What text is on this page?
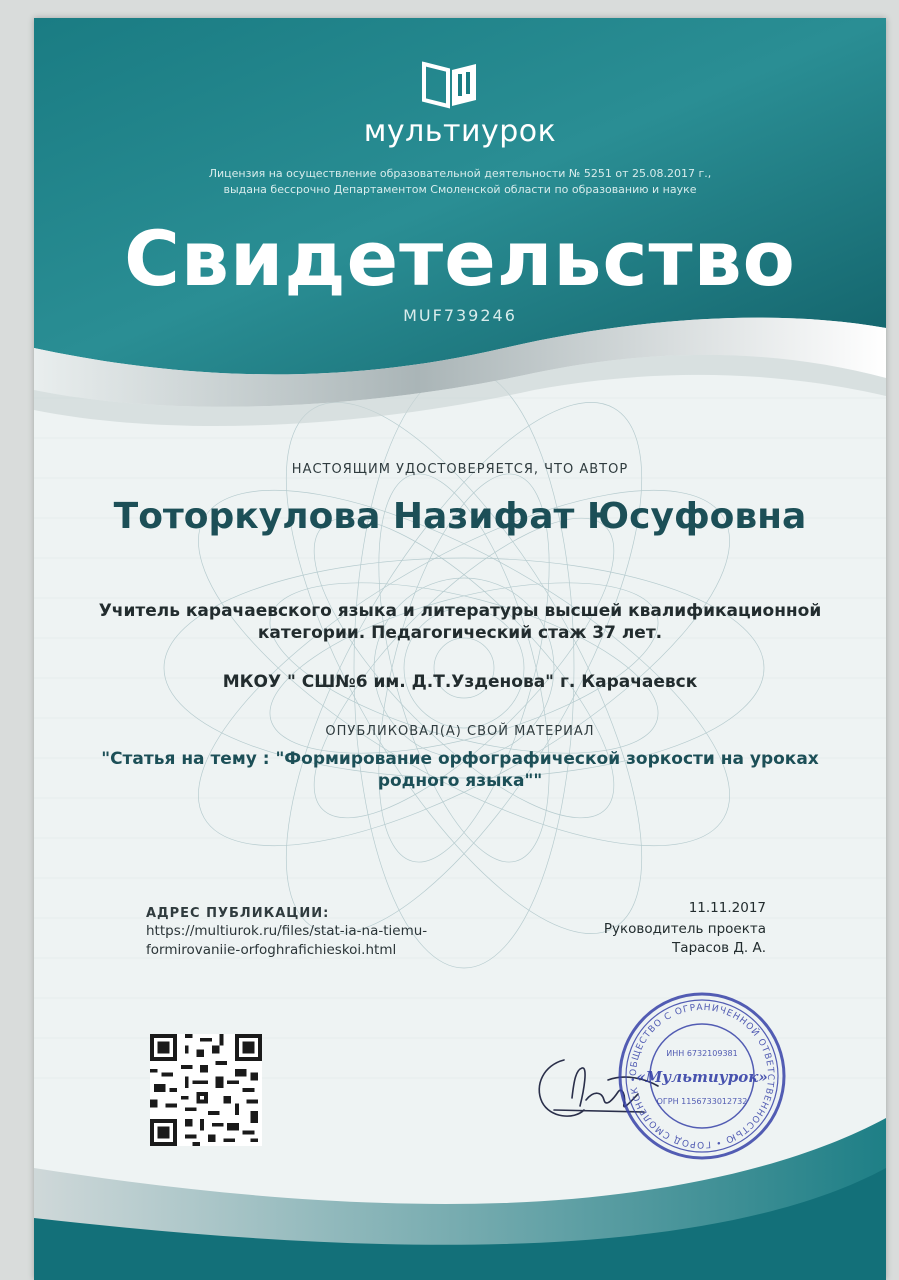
мультиурок
Лицензия на осуществление образовательной деятельности № 5251 от 25.08.2017 г.,
выдана бессрочно Департаментом Смоленской области по образованию и науке
Свидетельство
MUF739246
НАСТОЯЩИМ УДОСТОВЕРЯЕТСЯ, ЧТО АВТОР
Тоторкулова Назифат Юсуфовна
Учитель карачаевского языка и литературы высшей квалификационной
категории. Педагогический стаж 37 лет.
МКОУ " СШ№6 им. Д.Т.Узденова" г. Карачаевск
ОПУБЛИКОВАЛ(А) СВОЙ МАТЕРИАЛ
"Статья на тему : "Формирование орфографической зоркости на уроках
родного языка""
АДРЕС ПУБЛИКАЦИИ:
https://multiurok.ru/files/stat-ia-na-tiemu-
formirovaniie-orfoghrafichieskoi.html
11.11.2017
Руководитель проекта
Тарасов Д. А.
ОБЩЕСТВО С ОГРАНИЧЕННОЙ ОТВЕТСТВЕННОСТЬЮ • ГОРОД СМОЛЕНСК •
ИНН 6732109381
«Мультиурок»
ОГРН 1156733012732
